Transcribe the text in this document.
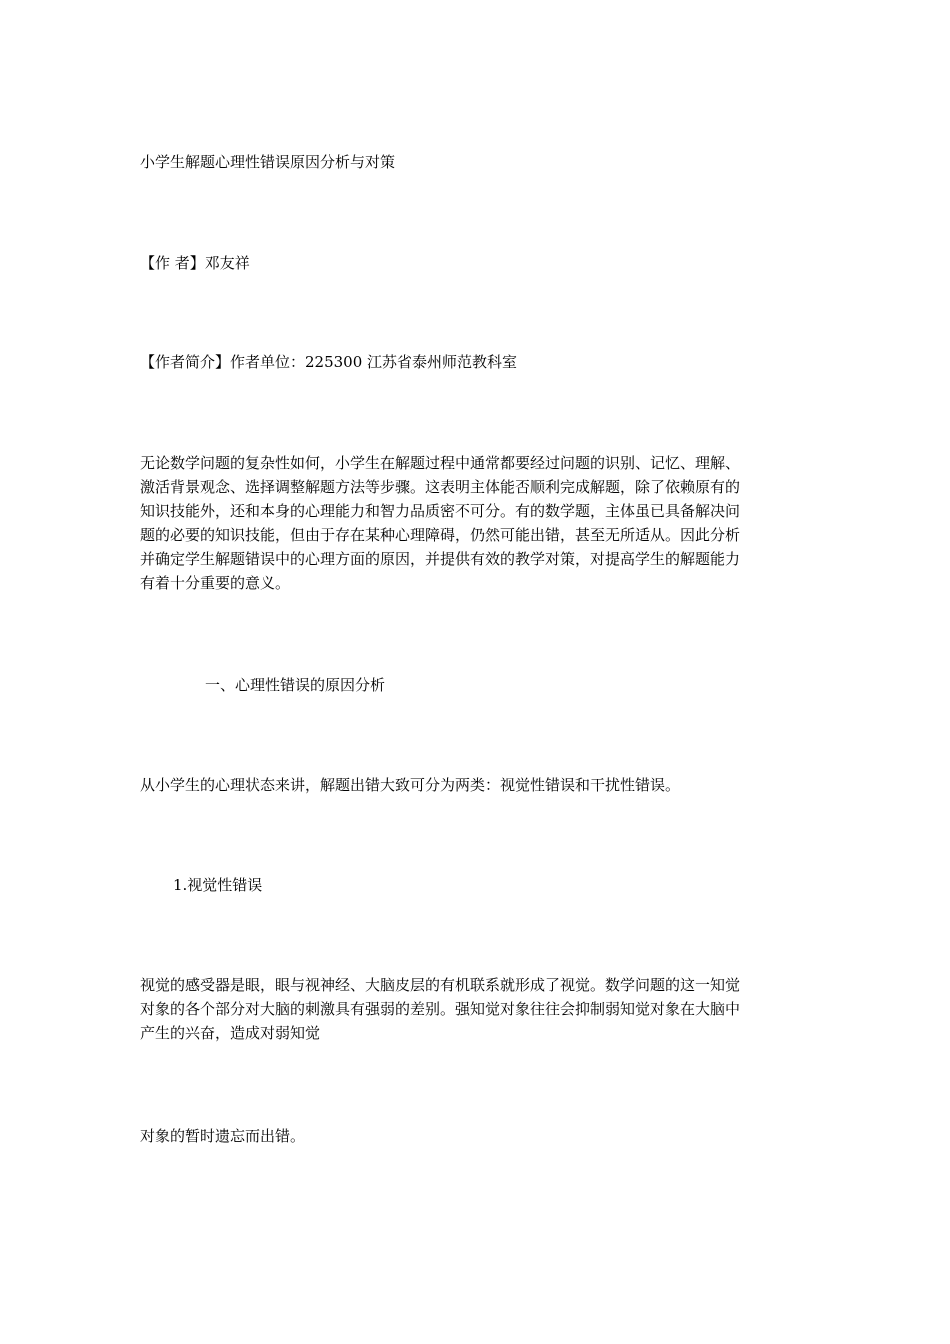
小学生解题心理性错误原因分析与对策
【作 者】邓友祥
【作者简介】作者单位：225300 江苏省泰州师范教科室
无论数学问题的复杂性如何，小学生在解题过程中通常都要经过问题的识别、记忆、理解、
激活背景观念、选择调整解题方法等步骤。这表明主体能否顺利完成解题，除了依赖原有的
知识技能外，还和本身的心理能力和智力品质密不可分。有的数学题，主体虽已具备解决问
题的必要的知识技能，但由于存在某种心理障碍，仍然可能出错，甚至无所适从。因此分析
并确定学生解题错误中的心理方面的原因，并提供有效的教学对策，对提高学生的解题能力
有着十分重要的意义。
一、心理性错误的原因分析
从小学生的心理状态来讲，解题出错大致可分为两类：视觉性错误和干扰性错误。
1.视觉性错误
视觉的感受器是眼，眼与视神经、大脑皮层的有机联系就形成了视觉。数学问题的这一知觉
对象的各个部分对大脑的刺激具有强弱的差别。强知觉对象往往会抑制弱知觉对象在大脑中
产生的兴奋，造成对弱知觉
对象的暂时遗忘而出错。
